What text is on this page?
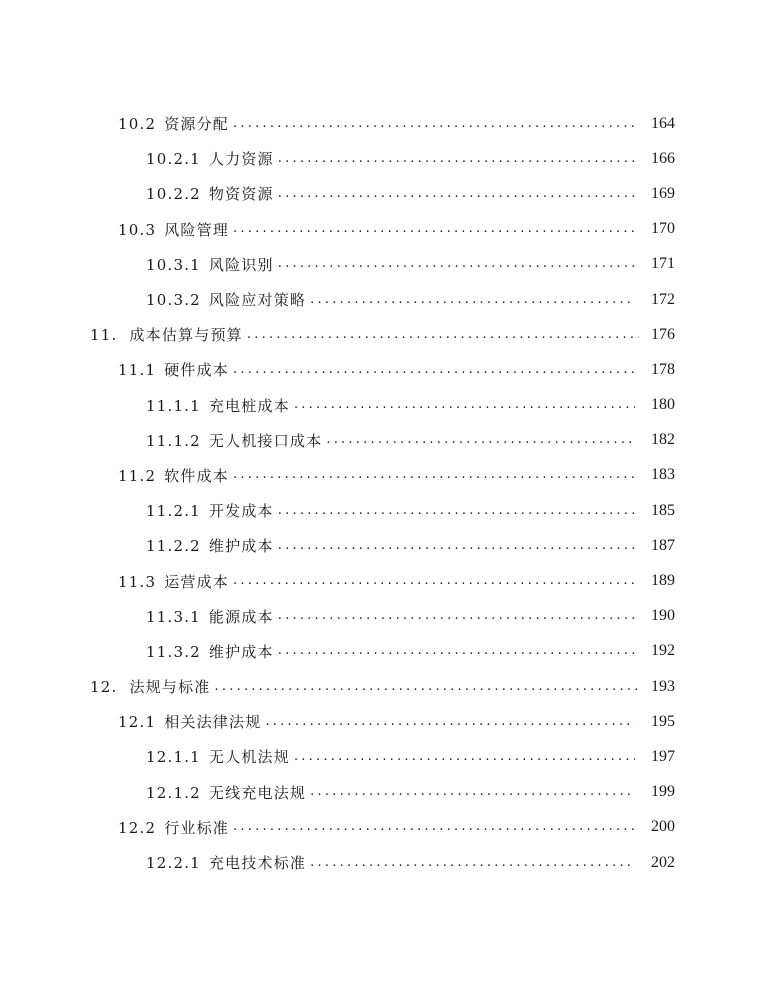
10.2 资源分配 . . .	164
10.2.1 人力资源 . . .	166
10.2.2 物资资源 . . .	169
10.3 风险管理 . . .	170
10.3.1 风险识别 . . .	171
10.3.2 风险应对策略 . . .	172
11. 成本估算与预算 . . .	176
11.1 硬件成本 . . .	178
11.1.1 充电桩成本 . . .	180
11.1.2 无人机接口成本 . . .	182
11.2 软件成本 . . .	183
11.2.1 开发成本 . . .	185
11.2.2 维护成本 . . .	187
11.3 运营成本 . . .	189
11.3.1 能源成本 . . .	190
11.3.2 维护成本 . . .	192
12. 法规与标准 . . .	193
12.1 相关法律法规 . . .	195
12.1.1 无人机法规 . . .	197
12.1.2 无线充电法规 . . .	199
12.2 行业标准 . . .	200
12.2.1 充电技术标准 . . .	202
